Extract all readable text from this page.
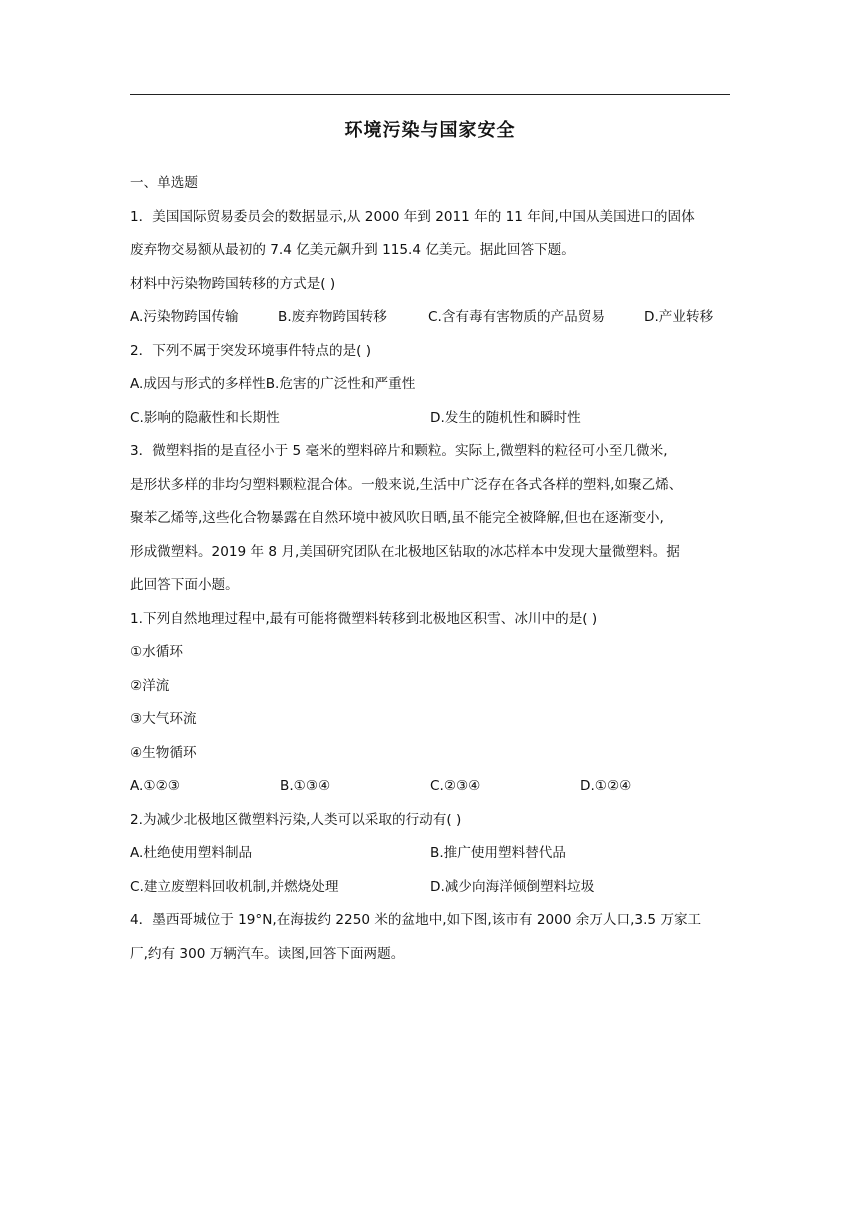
环境污染与国家安全
一、单选题
1．美国国际贸易委员会的数据显示,从 2000 年到 2011 年的 11 年间,中国从美国进口的固体
废弃物交易额从最初的 7.4 亿美元飙升到 115.4 亿美元。据此回答下题。
材料中污染物跨国转移的方式是( )
A.污染物跨国传输	B.废弃物跨国转移	C.含有毒有害物质的产品贸易	D.产业转移
2．下列不属于突发环境事件特点的是( )
A.成因与形式的多样性 B.危害的广泛性和严重性
C.影响的隐蔽性和长期性	D.发生的随机性和瞬时性
3．微塑料指的是直径小于 5 毫米的塑料碎片和颗粒。实际上,微塑料的粒径可小至几微米,
是形状多样的非均匀塑料颗粒混合体。一般来说,生活中广泛存在各式各样的塑料,如聚乙烯、
聚苯乙烯等,这些化合物暴露在自然环境中被风吹日晒,虽不能完全被降解,但也在逐渐变小,
形成微塑料。2019 年 8 月,美国研究团队在北极地区钻取的冰芯样本中发现大量微塑料。据
此回答下面小题。
1.下列自然地理过程中,最有可能将微塑料转移到北极地区积雪、冰川中的是( )
①水循环
②洋流
③大气环流
④生物循环
A.①②③	B.①③④	C.②③④	D.①②④
2.为减少北极地区微塑料污染,人类可以采取的行动有( )
A.杜绝使用塑料制品	B.推广使用塑料替代品
C.建立废塑料回收机制,并燃烧处理	D.减少向海洋倾倒塑料垃圾
4．墨西哥城位于 19°N,在海拔约 2250 米的盆地中,如下图,该市有 2000 余万人口,3.5 万家工
厂,约有 300 万辆汽车。读图,回答下面两题。
